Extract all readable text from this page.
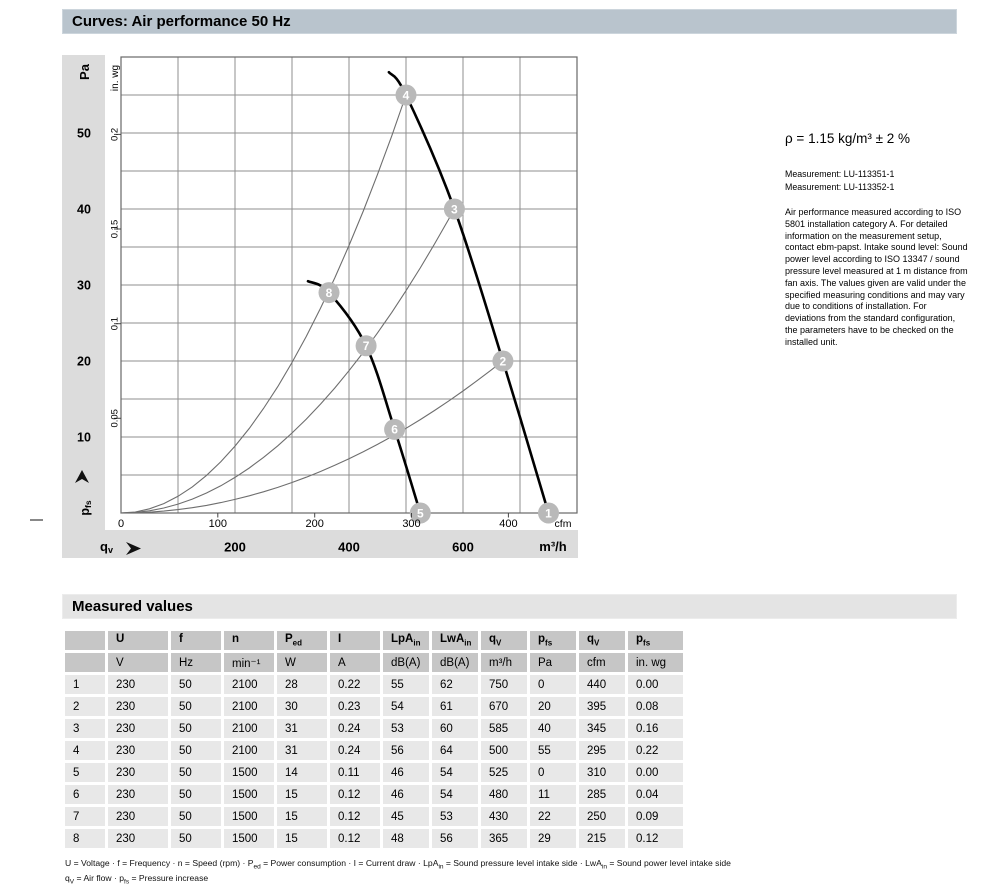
Curves: Air performance 50 Hz
1
2
3
4
5
6
7
8
10
20
30
40
50
0.05
0.1
0.15
0.2
0	100	200	300	400
200	400	600
Pa in. wg
pfs
qv
cfm
m³/h
ρ = 1.15 kg/m³ ± 2 %
Measurement: LU-113351-1
Measurement: LU-113352-1
Air performance measured according to ISO 5801 installation category A. For detailed information on the measurement setup, contact ebm-papst. Intake sound level: Sound power level according to ISO 13347 / sound pressure level measured at 1 m distance from fan axis. The values given are valid under the specified measuring conditions and may vary due to conditions of installation. For deviations from the standard configuration, the parameters have to be checked on the installed unit.
Measured values
	U	f	n	$P_{ed}$	I	LpA$_{in}$	LwA$_{in}$	$q_V$	$p_{fs}$	$q_V$	$p_{fs}$
	V	Hz	min⁻¹	W	A	dB(A)	dB(A)	m³/h	Pa	cfm	in. wg
1	230	50	2100	28	0.22	55	62	750	0	440	0.00
2	230	50	2100	30	0.23	54	61	670	20	395	0.08
3	230	50	2100	31	0.24	53	60	585	40	345	0.16
4	230	50	2100	31	0.24	56	64	500	55	295	0.22
5	230	50	1500	14	0.11	46	54	525	0	310	0.00
6	230	50	1500	15	0.12	46	54	480	11	285	0.04
7	230	50	1500	15	0.12	45	53	430	22	250	0.09
8	230	50	1500	15	0.12	48	56	365	29	215	0.12
U = Voltage · f = Frequency · n = Speed $(rpm) \cdot P_{ed}$ = Power consumption · I = Current draw · LpA$_{in}$ = Sound pressure level intake side · LwA$_{in}$ = Sound power level intake side
$q_V$ = Air flow · $p_{fs}$ = Pressure increase
